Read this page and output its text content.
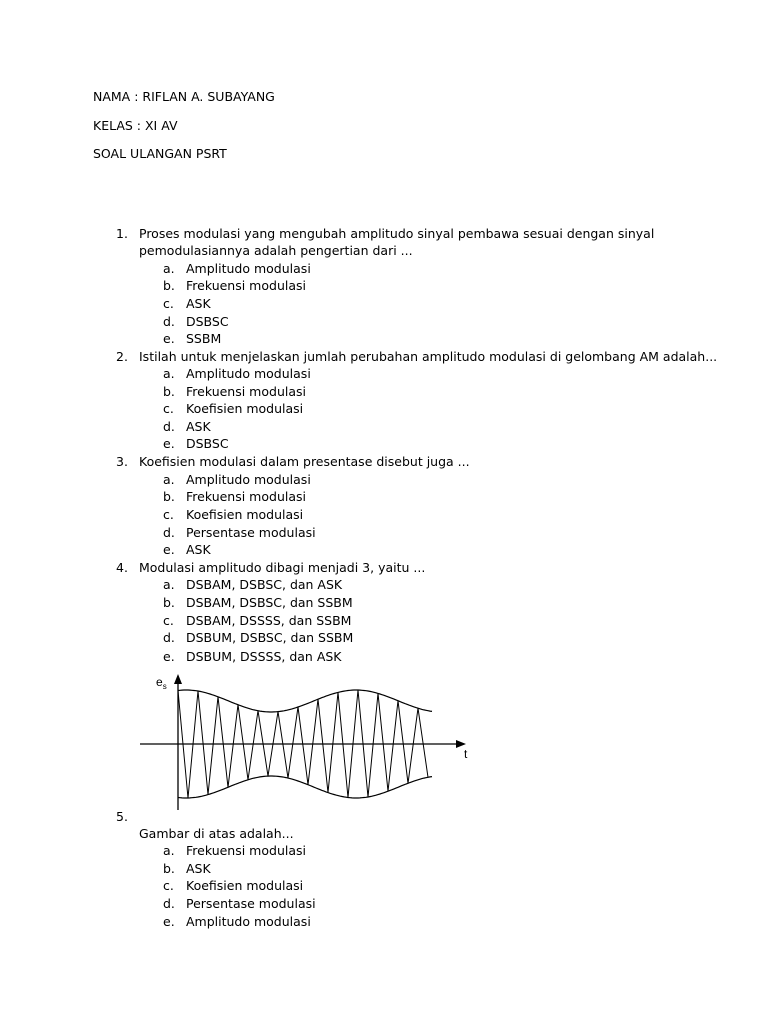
NAMA : RIFLAN A. SUBAYANG
KELAS : XI AV
SOAL ULANGAN PSRT
1. Proses modulasi yang mengubah amplitudo sinyal pembawa sesuai dengan sinyal
pemodulasiannya adalah pengerti̇an dari ...
a. Amplitudo modulasi
b. Frekuensi modulasi
c. ASK
d. DSBSC
e. SSBM
2. Istilah untuk menjelaskan jumlah perubahan amplitudo modulasi di gelombang AM adalah...
a. Amplitudo modulasi
b. Frekuensi modulasi
c. Koefisien modulasi
d. ASK
e. DSBSC
3. Koefisien modulasi dalam presentase disebut juga ...
a. Amplitudo modulasi
b. Frekuensi modulasi
c. Koefisien modulasi
d. Persentase modulasi
e. ASK
4. Modulasi amplitudo dibagi menjadi 3, yaitu ...
a. DSBAM, DSBSC, dan ASK
b. DSBAM, DSBSC, dan SSBM
c. DSBAM, DSSSS, dan SSBM
d. DSBUM, DSBSC, dan SSBM
e. DSBUM, DSSSS, dan ASK
$e_s$
t
5.
Gambar di atas adalah...
a. Frekuensi modulasi
b. ASK
c. Koefisien modulasi
d. Persentase modulasi
e. Amplitudo modulasi
